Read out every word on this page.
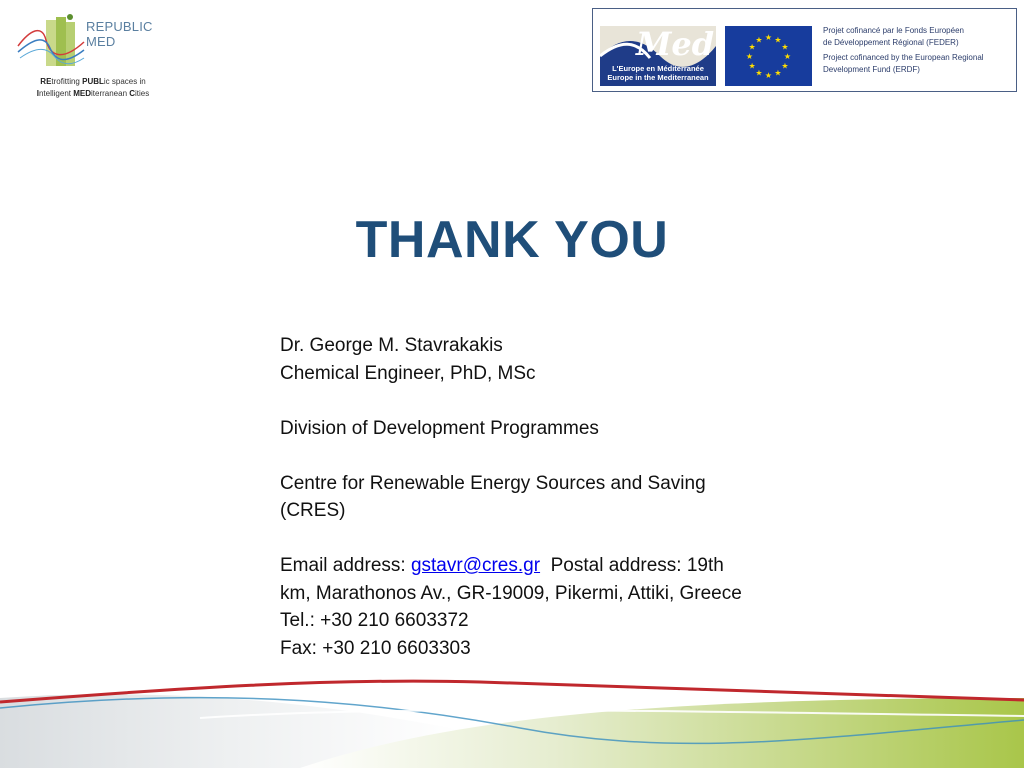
REPUBLIC
MED
REtrofitting PUBLic spaces in
Intelligent MEDiterranean Cities
Med
L'Europe en Méditerranée
Europe in the Mediterranean
★ ★
★
★
★
★
★
★
★
★
★
★

Projet cofinancé par le Fonds Européen
de Développement Régional (FEDER)

Project cofinanced by the European Regional
Development Fund (ERDF)

THANK YOU
Dr. George M. Stavrakakis
Chemical Engineer, PhD, MSc
Division of Development Programmes
Centre for Renewable Energy Sources and Saving
(CRES)
Email address: gstavr@cres.gr Postal address: 19th
km, Marathonos Av., GR-19009, Pikermi, Attiki, Greece
Tel.: +30 210 6603372
Fax: +30 210 6603303
